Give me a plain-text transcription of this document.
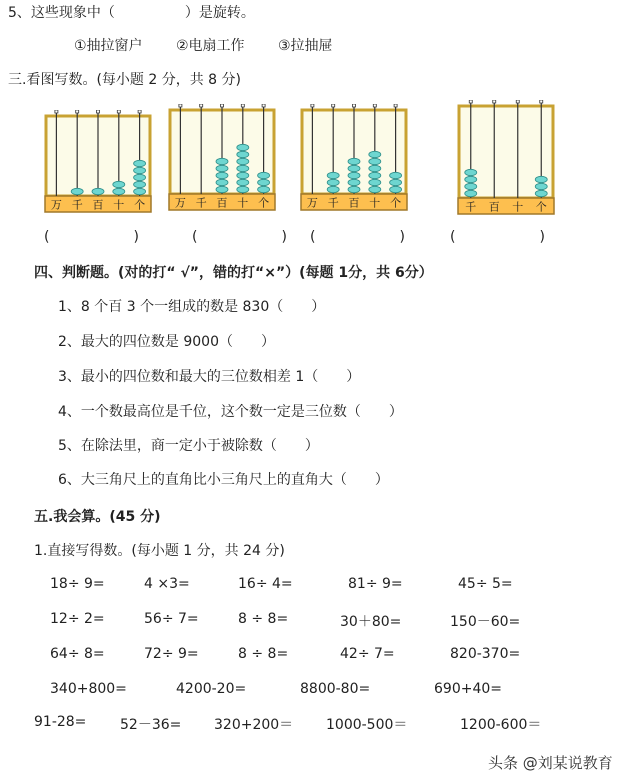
5、这些现象中（　　　　　）是旋转。
①抽拉窗户 ②电扇工作 ③拉抽屉
三.看图写数。(每小题 2 分，共 8 分)
万 千 百 十 个	万 千 百 十 个	万 千 百 十 个	千 百 十 个
(　　　　　　)	(　　　　　　) (　　　　　　)	(　　　　　　)
四、判断题。(对的打“ √”，错的打“×”）(每题 1分，共 6分）
1、8 个百 3 个一组成的数是 830（　　）
2、最大的四位数是 9000（　　）
3、最小的四位数和最大的三位数相差 1（　　）
4、一个数最高位是千位，这个数一定是三位数（　　）
5、在除法里，商一定小于被除数（　　）
6、大三角尺上的直角比小三角尺上的直角大（　　）
五.我会算。(45 分)
1.直接写得数。(每小题 1 分，共 24 分)
18÷ 9=	4 ×3=	16÷ 4=	81÷ 9=	45÷ 5=
12÷ 2=	56÷ 7=	8 ÷ 8=	30＋80=	150－60=
64÷ 8=	72÷ 9=	8 ÷ 8=	42÷ 7=	820-370=
340+800=	4200-20=	8800-80=	690+40=
91-28= 52－36= 320+200＝ 1000-500＝	1200-600＝
头条 @刘某说教育
